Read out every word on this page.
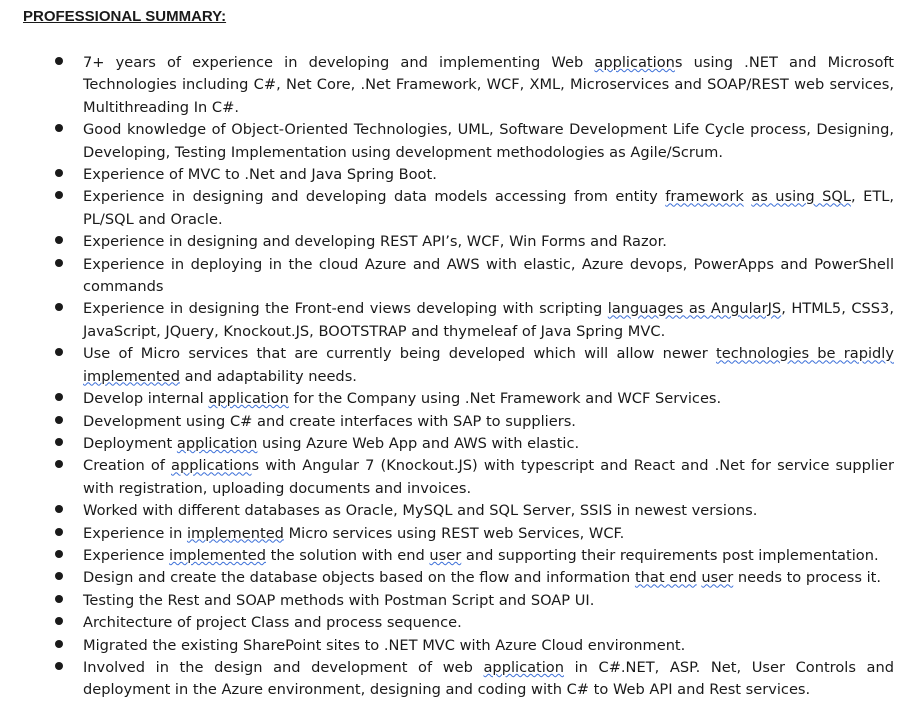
PROFESSIONAL SUMMARY:
7+ years of experience in developing and implementing Web applications using .NET and Microsoft Technologies including C#, Net Core, .Net Framework, WCF, XML, Microservices and SOAP/REST web services, Multithreading In C#.
Good knowledge of Object-Oriented Technologies, UML, Software Development Life Cycle process, Designing, Developing, Testing Implementation using development methodologies as Agile/Scrum.
Experience of MVC to .Net and Java Spring Boot.
Experience in designing and developing data models accessing from entity framework as using SQL, ETL, PL/SQL and Oracle.
Experience in designing and developing REST API’s, WCF, Win Forms and Razor.
Experience in deploying in the cloud Azure and AWS with elastic, Azure devops, PowerApps and PowerShell commands
Experience in designing the Front-end views developing with scripting languages as AngularJS, HTML5, CSS3, JavaScript, JQuery, Knockout.JS, BOOTSTRAP and thymeleaf of Java Spring MVC.
Use of Micro services that are currently being developed which will allow newer technologies be rapidly implemented and adaptability needs.
Develop internal application for the Company using .Net Framework and WCF Services.
Development using C# and create interfaces with SAP to suppliers.
Deployment application using Azure Web App and AWS with elastic.
Creation of applications with Angular 7 (Knockout.JS) with typescript and React and .Net for service supplier with registration, uploading documents and invoices.
Worked with different databases as Oracle, MySQL and SQL Server, SSIS in newest versions.
Experience in implemented Micro services using REST web Services, WCF.
Experience implemented the solution with end user and supporting their requirements post implementation.
Design and create the database objects based on the flow and information that end user needs to process it.
Testing the Rest and SOAP methods with Postman Script and SOAP UI.
Architecture of project Class and process sequence.
Migrated the existing SharePoint sites to .NET MVC with Azure Cloud environment.
Involved in the design and development of web application in C#.NET, ASP. Net, User Controls and deployment in the Azure environment, designing and coding with C# to Web API and Rest services.
